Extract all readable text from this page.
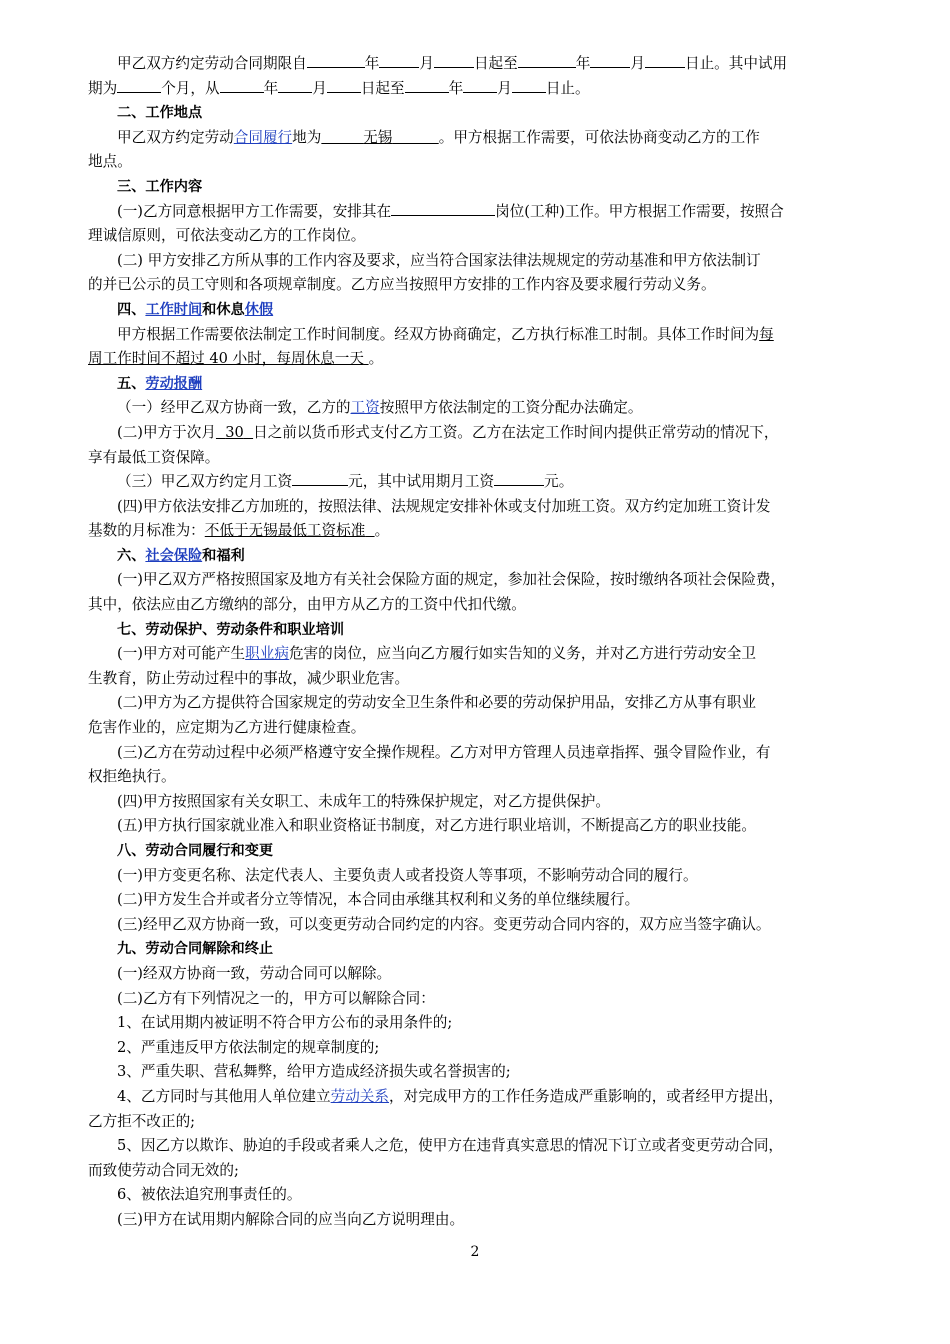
甲乙双方约定劳动合同期限自	年	月	日起至	年	月	日止。其中试用
期为	个月，从	年 月 日起至	年 月 日止。
二、工作地点
甲乙双方约定劳动合同履行地为	无锡	。甲方根据工作需要，可依法协商变动乙方的工作
地点。
三、工作内容
(一)乙方同意根据甲方工作需要，安排其在	岗位(工种)工作。甲方根据工作需要，按照合
理诚信原则，可依法变动乙方的工作岗位。
(二) 甲方安排乙方所从事的工作内容及要求，应当符合国家法律法规规定的劳动基准和甲方依法制订
的并已公示的员工守则和各项规章制度。乙方应当按照甲方安排的工作内容及要求履行劳动义务。
四、工作时间和休息休假
甲方根据工作需要依法制定工作时间制度。经双方协商确定，乙方执行标准工时制。具体工作时间为每
周工作时间不超过 40 小时，每周休息一天 。
五、劳动报酬
（一）经甲乙双方协商一致，乙方的工资按照甲方依法制定的工资分配办法确定。
(二)甲方于次月 30 日之前以货币形式支付乙方工资。乙方在法定工作时间内提供正常劳动的情况下，
享有最低工资保障。
（三）甲乙双方约定月工资	元，其中试用期月工资	元。
(四)甲方依法安排乙方加班的，按照法律、法规规定安排补休或支付加班工资。双方约定加班工资计发
基数的月标准为：不低于无锡最低工资标准 。
六、社会保险和福利
(一)甲乙双方严格按照国家及地方有关社会保险方面的规定，参加社会保险，按时缴纳各项社会保险费，
其中，依法应由乙方缴纳的部分，由甲方从乙方的工资中代扣代缴。
七、劳动保护、劳动条件和职业培训
(一)甲方对可能产生职业病危害的岗位，应当向乙方履行如实告知的义务，并对乙方进行劳动安全卫
生教育，防止劳动过程中的事故，减少职业危害。
(二)甲方为乙方提供符合国家规定的劳动安全卫生条件和必要的劳动保护用品，安排乙方从事有职业
危害作业的，应定期为乙方进行健康检查。
(三)乙方在劳动过程中必须严格遵守安全操作规程。乙方对甲方管理人员违章指挥、强令冒险作业，有
权拒绝执行。
(四)甲方按照国家有关女职工、未成年工的特殊保护规定，对乙方提供保护。
(五)甲方执行国家就业准入和职业资格证书制度，对乙方进行职业培训，不断提高乙方的职业技能。
八、劳动合同履行和变更
(一)甲方变更名称、法定代表人、主要负责人或者投资人等事项，不影响劳动合同的履行。
(二)甲方发生合并或者分立等情况，本合同由承继其权利和义务的单位继续履行。
(三)经甲乙双方协商一致，可以变更劳动合同约定的内容。变更劳动合同内容的，双方应当签字确认。
九、劳动合同解除和终止
(一)经双方协商一致，劳动合同可以解除。
(二)乙方有下列情况之一的，甲方可以解除合同：
1、在试用期内被证明不符合甲方公布的录用条件的;
2、严重违反甲方依法制定的规章制度的;
3、严重失职、营私舞弊，给甲方造成经济损失或名誉损害的;
4、乙方同时与其他用人单位建立劳动关系，对完成甲方的工作任务造成严重影响的，或者经甲方提出，
乙方拒不改正的;
5、因乙方以欺诈、胁迫的手段或者乘人之危，使甲方在违背真实意思的情况下订立或者变更劳动合同，
而致使劳动合同无效的;
6、被依法追究刑事责任的。
(三)甲方在试用期内解除合同的应当向乙方说明理由。
2
